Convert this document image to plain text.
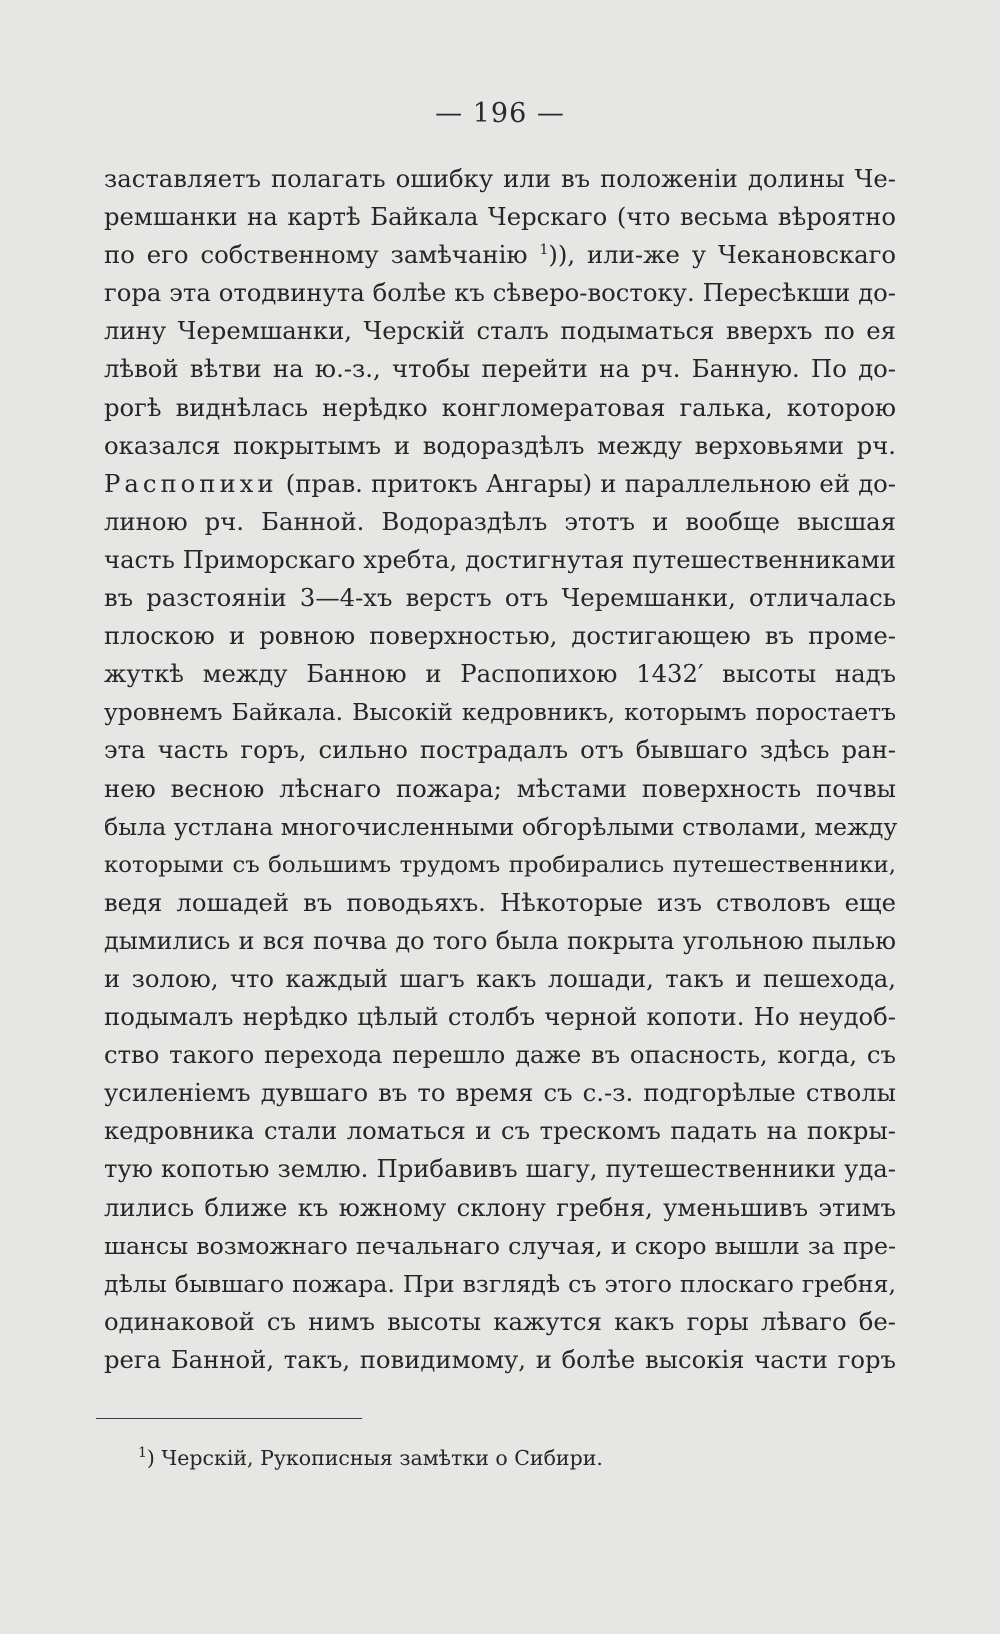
— 196 —
заставляетъ полагать ошибку или въ положеніи долины Че-
ремшанки на картѣ Байкала Черскаго (что весьма вѣроятно
по его собственному замѣчанію $^1$)), или-же у Чекановскаго
гора эта отодвинута болѣе къ сѣверо-востоку. Пересѣкши до-
лину Черемшанки, Черскій сталъ подыматься вверхъ по ея
лѣвой вѣтви на ю.-з., чтобы перейти на рч. Банную. По до-
рогѣ виднѣлась нерѣдко конгломератовая галька, которою
оказался покрытымъ и водораздѣлъ между верховьями рч.
Распопихи (прав. притокъ Ангары) и параллельною ей до-
линою рч. Банной. Водораздѣлъ этотъ и вообще высшая
часть Приморскаго хребта, достигнутая путешественниками
въ разстояніи 3—4-хъ верстъ отъ Черемшанки, отличалась
плоскою и ровною поверхностью, достигающею въ проме-
жуткѣ между Банною и Распопихою 1432′ высоты надъ
уровнемъ Байкала. Высокій кедровникъ, которымъ поростаетъ
эта часть горъ, сильно пострадалъ отъ бывшаго здѣсь ран-
нею весною лѣснаго пожара; мѣстами поверхность почвы
была устлана многочисленными обгорѣлыми стволами, между
которыми съ большимъ трудомъ пробирались путешественники,
ведя лошадей въ поводьяхъ. Нѣкоторые изъ стволовъ еще
дымились и вся почва до того была покрыта угольною пылью
и золою, что каждый шагъ какъ лошади, такъ и пешехода,
подымалъ нерѣдко цѣлый столбъ черной копоти. Но неудоб-
ство такого перехода перешло даже въ опасность, когда, съ
усиленіемъ дувшаго въ то время съ с.-з. подгорѣлые стволы
кедровника стали ломаться и съ трескомъ падать на покры-
тую копотью землю. Прибавивъ шагу, путешественники уда-
лились ближе къ южному склону гребня, уменьшивъ этимъ
шансы возможнаго печальнаго случая, и скоро вышли за пре-
дѣлы бывшаго пожара. При взглядѣ съ этого плоскаго гребня,
одинаковой съ нимъ высоты кажутся какъ горы лѣваго бе-
рега Банной, такъ, повидимому, и болѣе высокія части горъ
$^1$) Черскій, Рукописныя замѣтки о Сибири.
